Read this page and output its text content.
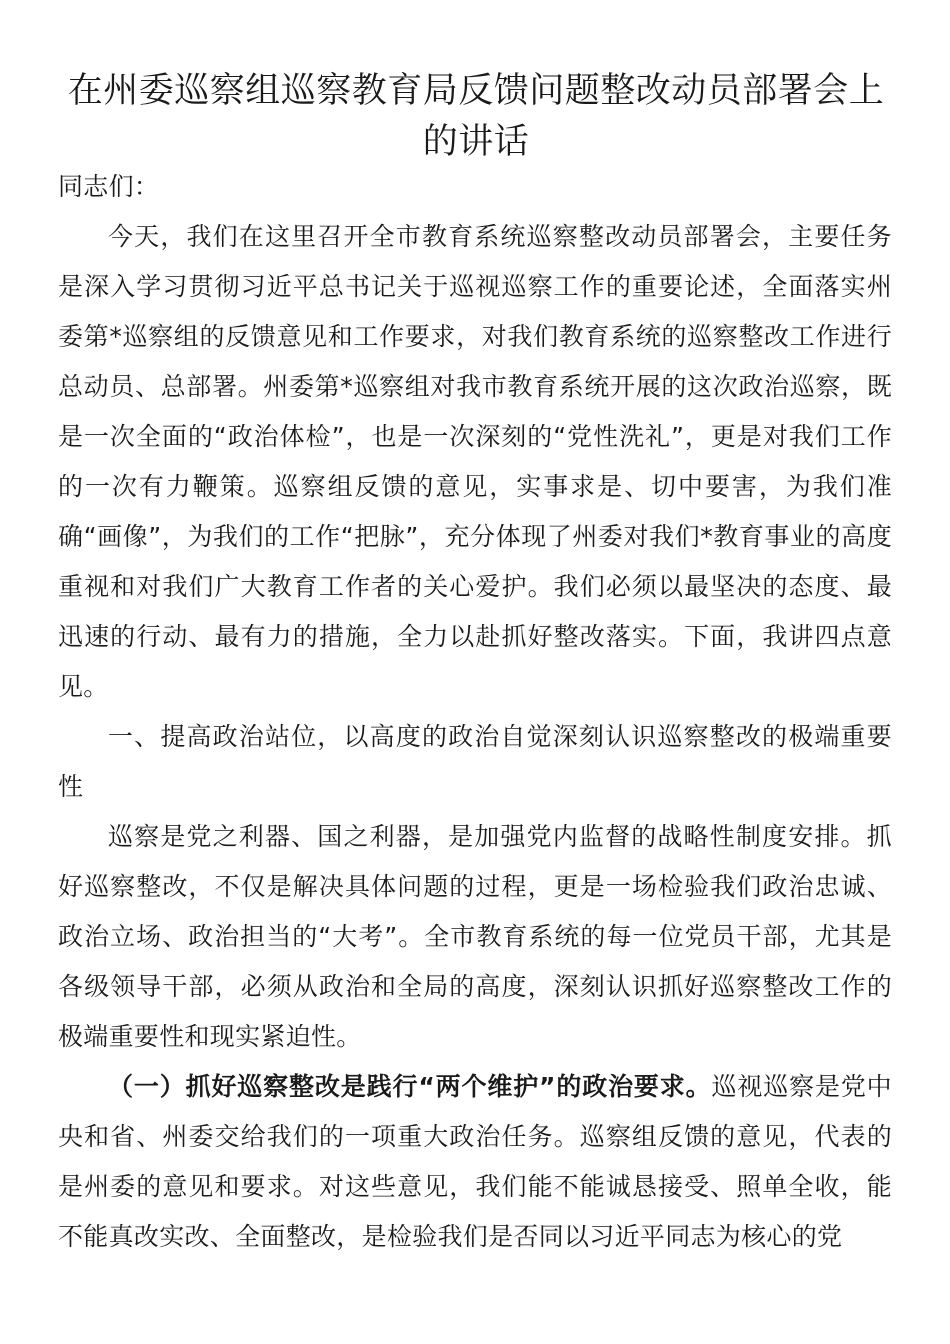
在州委巡察组巡察教育局反馈问题整改动员部署会上的讲话

同志们：

今天，我们在这里召开全市教育系统巡察整改动员部署会，主要任务是深入学习贯彻习近平总书记关于巡视巡察工作的重要论述，全面落实州委第*巡察组的反馈意见和工作要求，对我们教育系统的巡察整改工作进行总动员、总部署。州委第*巡察组对我市教育系统开展的这次政治巡察，既是一次全面的“政治体检”，也是一次深刻的“党性洗礼”，更是对我们工作的一次有力鞭策。巡察组反馈的意见，实事求是、切中要害，为我们准确“画像”，为我们的工作“把脉”，充分体现了州委对我们*教育事业的高度重视和对我们广大教育工作者的关心爱护。我们必须以最坚决的态度、最迅速的行动、最有力的措施，全力以赴抓好整改落实。下面，我讲四点意见。

一、提高政治站位，以高度的政治自觉深刻认识巡察整改的极端重要性

巡察是党之利器、国之利器，是加强党内监督的战略性制度安排。抓好巡察整改，不仅是解决具体问题的过程，更是一场检验我们政治忠诚、政治立场、政治担当的“大考”。全市教育系统的每一位党员干部，尤其是各级领导干部，必须从政治和全局的高度，深刻认识抓好巡察整改工作的极端重要性和现实紧迫性。

（一）抓好巡察整改是践行“两个维护”的政治要求。巡视巡察是党中央和省、州委交给我们的一项重大政治任务。巡察组反馈的意见，代表的是州委的意见和要求。对这些意见，我们能不能诚恳接受、照单全收，能不能真改实改、全面整改，是检验我们是否同以习近平同志为核心的党
